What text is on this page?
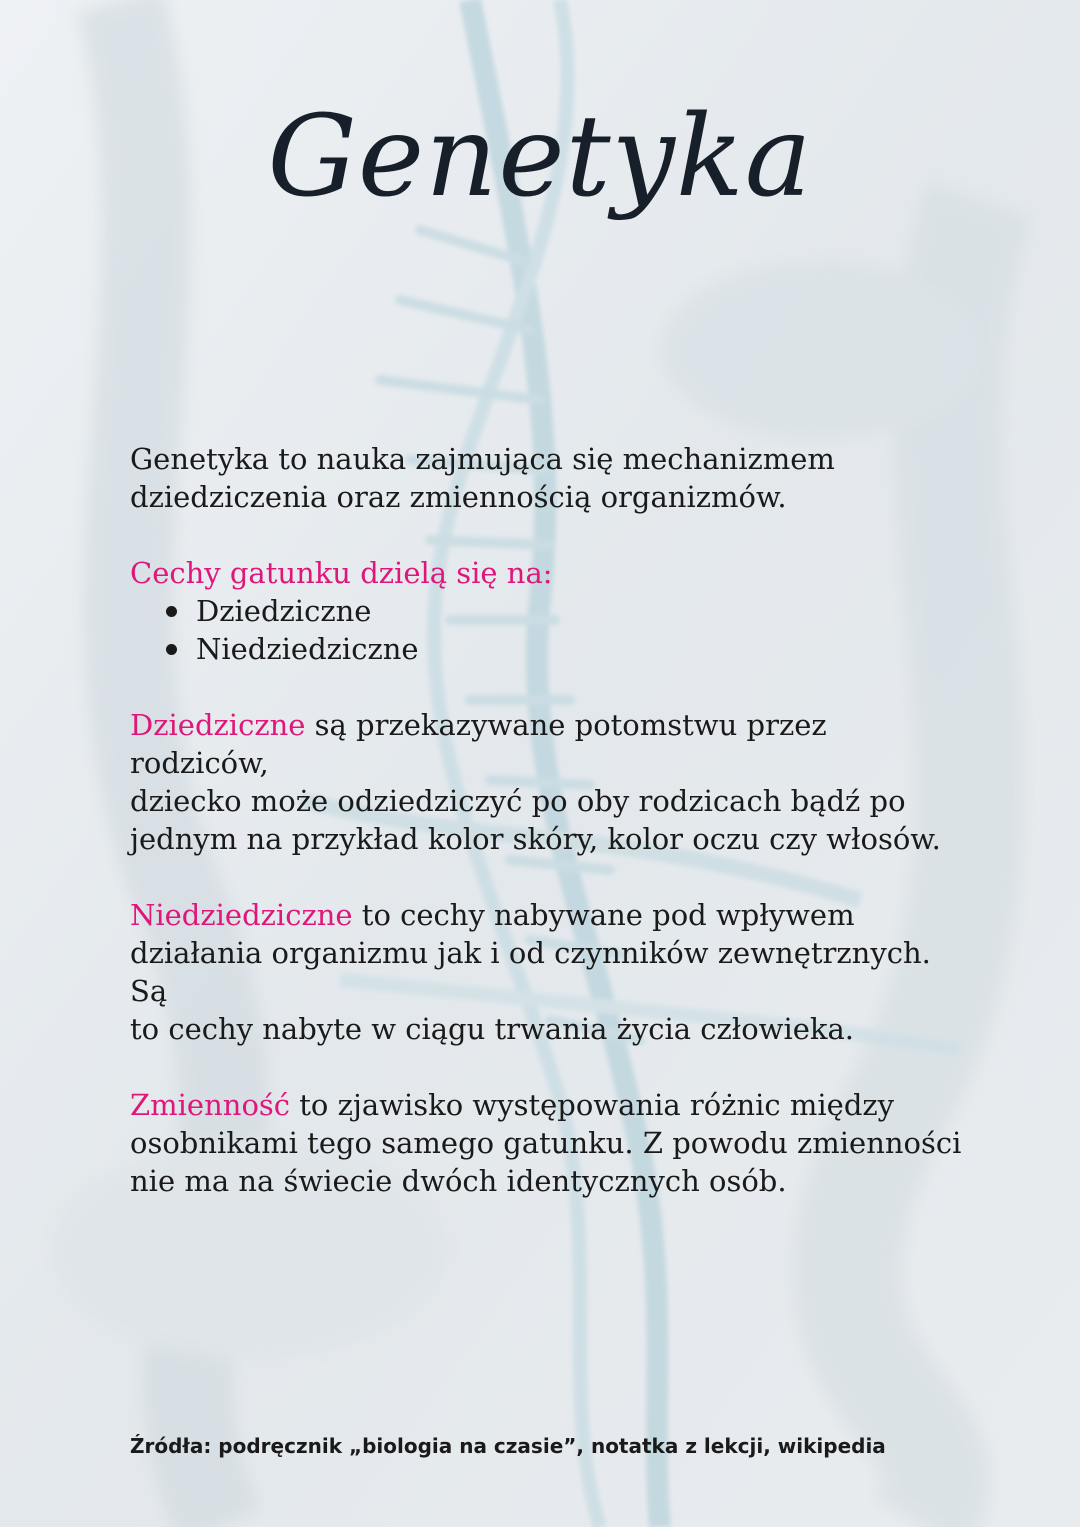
Genetyka

Genetyka to nauka zajmująca się mechanizmem

dziedziczenia oraz zmiennością organizmów.

Cechy gatunku dzielą się na:

Dziedziczne
Niedziedziczne

Dziedziczne są przekazywane potomstwu przez rodziców,

dziecko może odziedziczyć po oby rodzicach bądź po

jednym na przykład kolor skóry, kolor oczu czy włosów.

Niedziedziczne to cechy nabywane pod wpływem

działania organizmu jak i od czynników zewnętrznych. Są

to cechy nabyte w ciągu trwania życia człowieka.

Zmienność to zjawisko występowania różnic między

osobnikami tego samego gatunku. Z powodu zmienności

nie ma na świecie dwóch identycznych osób.

Źródła: podręcznik „biologia na czasie”, notatka z lekcji, wikipedia
